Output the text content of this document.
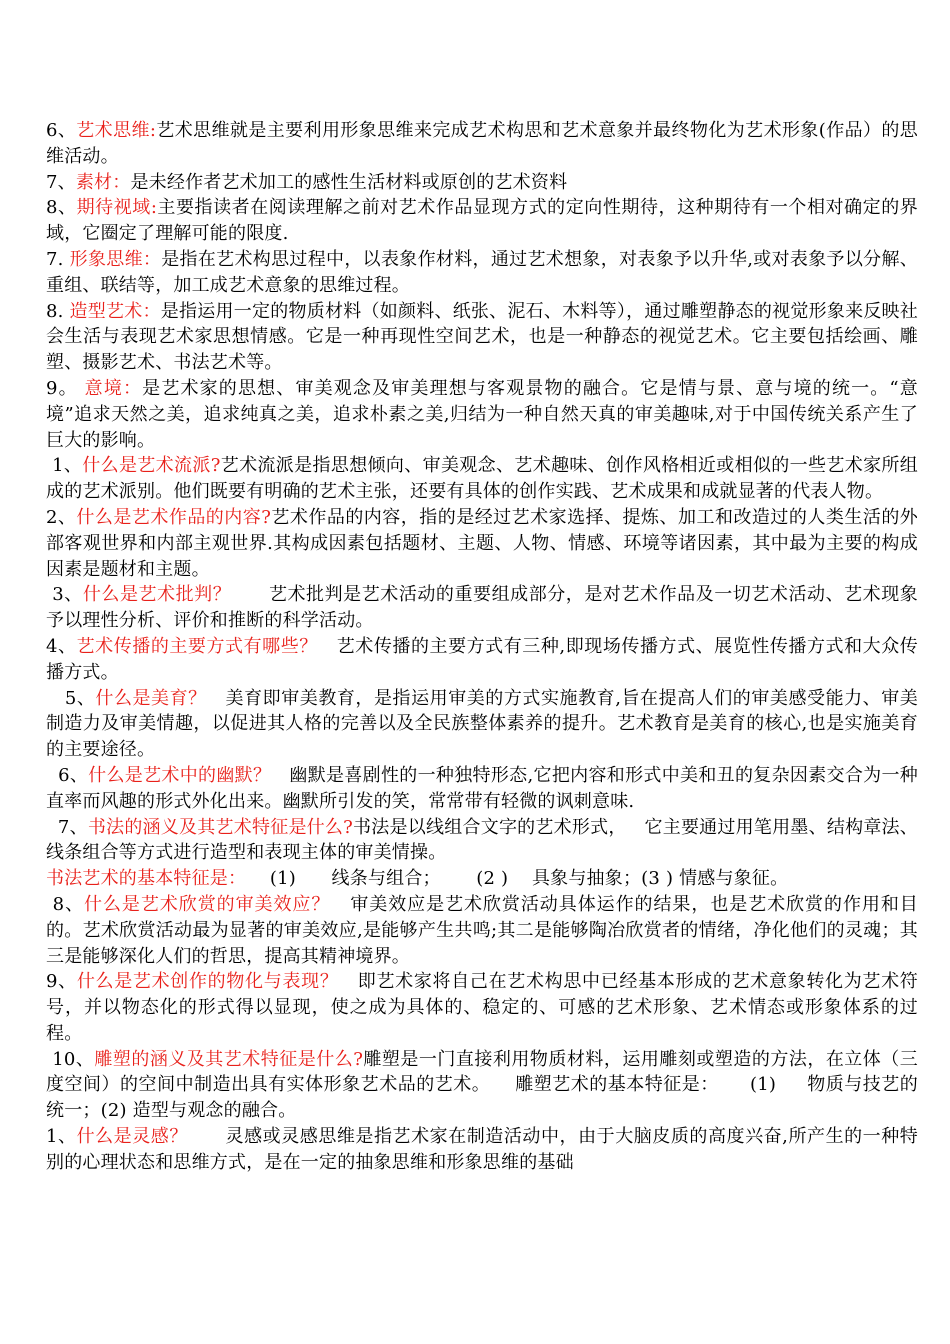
6、艺术思维:艺术思维就是主要利用形象思维来完成艺术构思和艺术意象并最终物化为艺术形象(作品）的思维活动。

7、素材：是未经作者艺术加工的感性生活材料或原创的艺术资料

8、期待视域:主要指读者在阅读理解之前对艺术作品显现方式的定向性期待，这种期待有一个相对确定的界域，它圈定了理解可能的限度.

7. 形象思维：是指在艺术构思过程中，以表象作材料，通过艺术想象，对表象予以升华,或对表象予以分解、重组、联结等，加工成艺术意象的思维过程。

8. 造型艺术：是指运用一定的物质材料（如颜料、纸张、泥石、木料等），通过雕塑静态的视觉形象来反映社会生活与表现艺术家思想情感。它是一种再现性空间艺术，也是一种静态的视觉艺术。它主要包括绘画、雕塑、摄影艺术、书法艺术等。

9。 意境：是艺术家的思想、审美观念及审美理想与客观景物的融合。它是情与景、意与境的统一。“意境”追求天然之美，追求纯真之美，追求朴素之美,归结为一种自然天真的审美趣味,对于中国传统关系产生了巨大的影响。

1、什么是艺术流派?艺术流派是指思想倾向、审美观念、艺术趣味、创作风格相近或相似的一些艺术家所组成的艺术派别。他们既要有明确的艺术主张，还要有具体的创作实践、艺术成果和成就显著的代表人物。

2、什么是艺术作品的内容?艺术作品的内容，指的是经过艺术家选择、提炼、加工和改造过的人类生活的外部客观世界和内部主观世界.其构成因素包括题材、主题、人物、情感、环境等诸因素，其中最为主要的构成因素是题材和主题。

3、什么是艺术批判？      艺术批判是艺术活动的重要组成部分，是对艺术作品及一切艺术活动、艺术现象予以理性分析、评价和推断的科学活动。

4、艺术传播的主要方式有哪些？   艺术传播的主要方式有三种,即现场传播方式、展览性传播方式和大众传播方式。

5、什么是美育？   美育即审美教育，是指运用审美的方式实施教育,旨在提高人们的审美感受能力、审美制造力及审美情趣，以促进其人格的完善以及全民族整体素养的提升。艺术教育是美育的核心,也是实施美育的主要途径。

6、什么是艺术中的幽默？   幽默是喜剧性的一种独特形态,它把内容和形式中美和丑的复杂因素交合为一种直率而风趣的形式外化出来。幽默所引发的笑，常常带有轻微的讽刺意味.

7、书法的涵义及其艺术特征是什么?书法是以线组合文字的艺术形式，   它主要通过用笔用墨、结构章法、线条组合等方式进行造型和表现主体的审美情操。

书法艺术的基本特征是：    (1)      线条与组合；      (2 )    具象与抽象；(3 ) 情感与象征。

8、什么是艺术欣赏的审美效应？   审美效应是艺术欣赏活动具体运作的结果，也是艺术欣赏的作用和目的。艺术欣赏活动最为显著的审美效应,是能够产生共鸣;其二是能够陶冶欣赏者的情绪，净化他们的灵魂；其三是能够深化人们的哲思，提高其精神境界。

9、什么是艺术创作的物化与表现？   即艺术家将自己在艺术构思中已经基本形成的艺术意象转化为艺术符号，并以物态化的形式得以显现，使之成为具体的、稳定的、可感的艺术形象、艺术情态或形象体系的过程。

10、雕塑的涵义及其艺术特征是什么?雕塑是一门直接利用物质材料，运用雕刻或塑造的方法，在立体（三度空间）的空间中制造出具有实体形象艺术品的艺术。    雕塑艺术的基本特征是：     (1)     物质与技艺的统一；(2) 造型与观念的融合。

1、什么是灵感？      灵感或灵感思维是指艺术家在制造活动中，由于大脑皮质的高度兴奋,所产生的一种特别的心理状态和思维方式，是在一定的抽象思维和形象思维的基础
